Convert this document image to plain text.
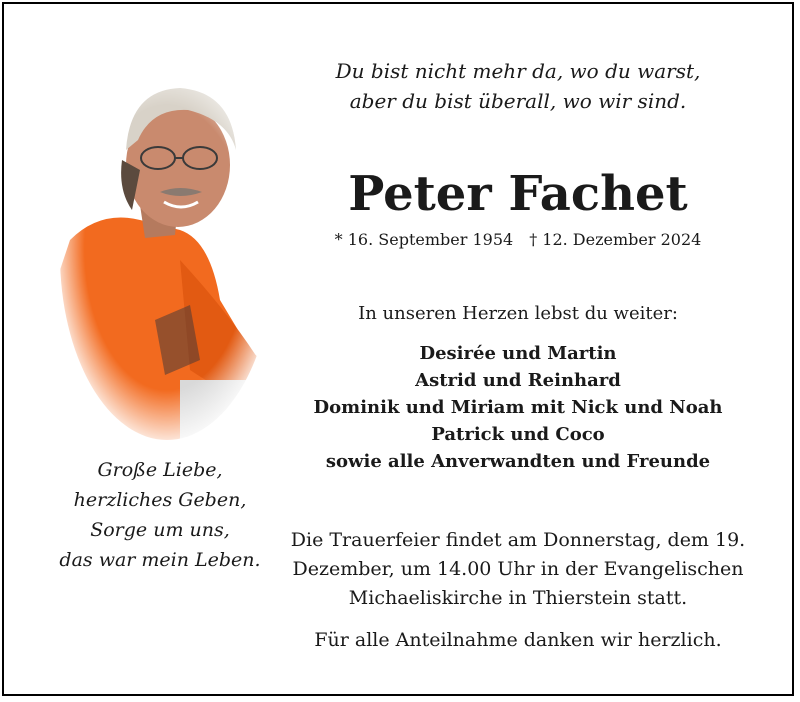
Große Liebe,
herzliches Geben,
Sorge um uns,
das war mein Leben.
Du bist nicht mehr da, wo du warst,
aber du bist überall, wo wir sind.
Peter Fachet
* 16. September 1954 † 12. Dezember 2024
In unseren Herzen lebst du weiter:
Desirée und Martin
Astrid und Reinhard
Dominik und Miriam mit Nick und Noah
Patrick und Coco
sowie alle Anverwandten und Freunde
Die Trauerfeier findet am Donnerstag, dem 19.
Dezember, um 14.00 Uhr in der Evangelischen
Michaeliskirche in Thierstein statt.
Für alle Anteilnahme danken wir herzlich.
